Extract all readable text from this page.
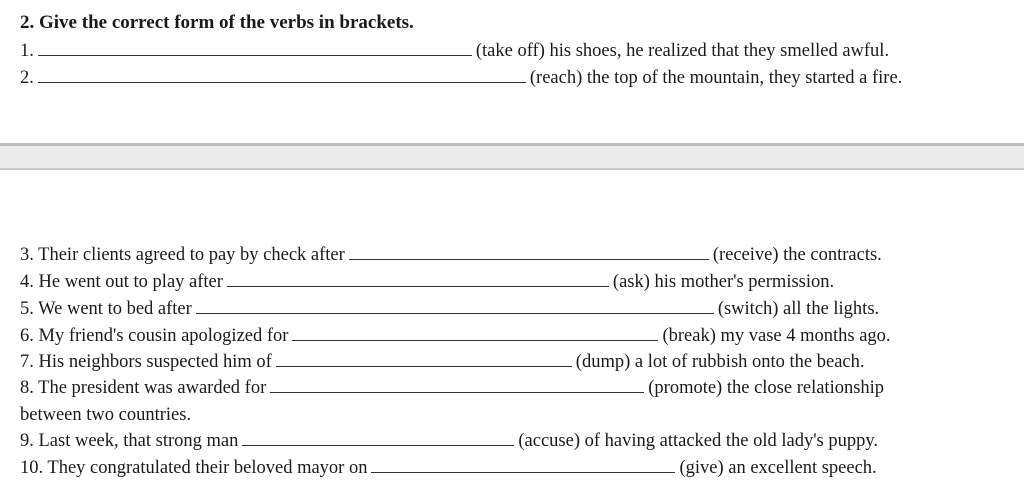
2. Give the correct form of the verbs in brackets.
1.	(take off) his shoes, he realized that they smelled awful.
2.	(reach) the top of the mountain, they started a fire.
3. Their clients agreed to pay by check after	(receive) the contracts.
4. He went out to play after	(ask) his mother's permission.
5. We went to bed after	(switch) all the lights.
6. My friend's cousin apologized for	(break) my vase 4 months ago.
7. His neighbors suspected him of	(dump) a lot of rubbish onto the beach.
8. The president was awarded for	(promote) the close relationship
between two countries.
9. Last week, that strong man	(accuse) of having attacked the old lady's puppy.
10. They congratulated their beloved mayor on	(give) an excellent speech.
